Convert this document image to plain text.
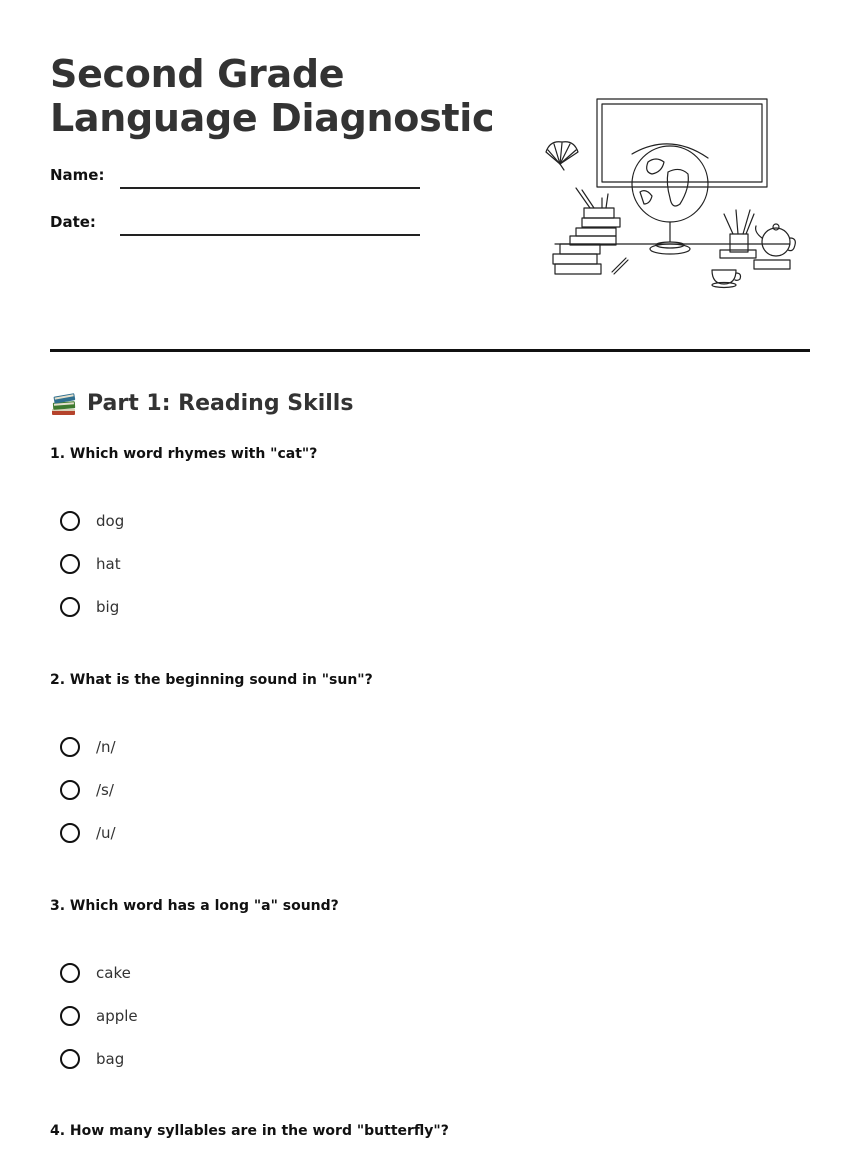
Second Grade Language Diagnostic
Name:
Date:
Part 1: Reading Skills

1. Which word rhymes with "cat"?

dog
hat
big

2. What is the beginning sound in "sun"?

/n/
/s/
/u/

3. Which word has a long "a" sound?

cake
apple
bag

4. How many syllables are in the word "butterfly"?
